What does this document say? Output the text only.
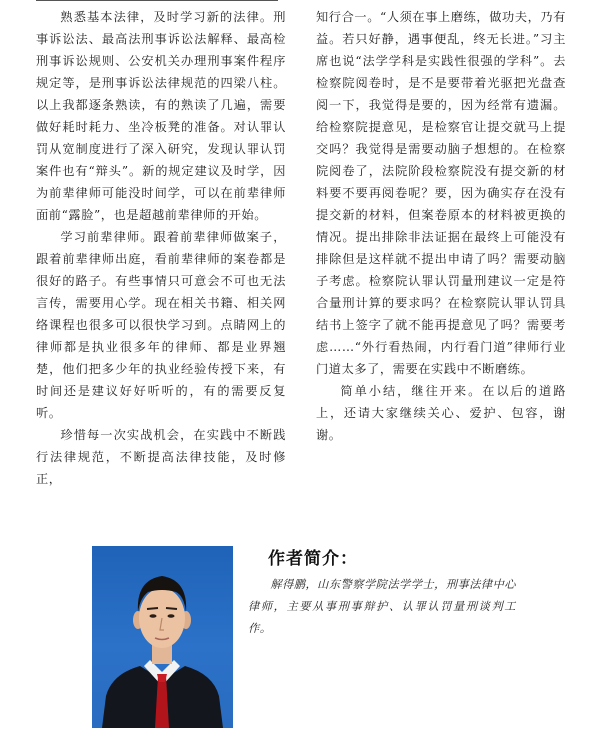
熟悉基本法律，及时学习新的法律。刑事诉讼法、最高法刑事诉讼法解释、最高检刑事诉讼规则、公安机关办理刑事案件程序规定等，是刑事诉讼法律规范的四梁八柱。以上我都逐条熟读，有的熟读了几遍，需要做好耗时耗力、坐冷板凳的准备。对认罪认罚从宽制度进行了深入研究，发现认罪认罚案件也有“辩头”。新的规定建议及时学，因为前辈律师可能没时间学，可以在前辈律师面前“露脸”，也是超越前辈律师的开始。

学习前辈律师。跟着前辈律师做案子，跟着前辈律师出庭，看前辈律师的案卷都是很好的路子。有些事情只可意会不可也无法言传，需要用心学。现在相关书籍、相关网络课程也很多可以很快学习到。点睛网上的律师都是执业很多年的律师、都是业界翘楚，他们把多少年的执业经验传授下来，有时间还是建议好好听听的，有的需要反复听。

珍惜每一次实战机会，在实践中不断践行法律规范，不断提高法律技能，及时修正，

知行合一。“人须在事上磨练，做功夫，乃有益。若只好静，遇事便乱，终无长进。”习主席也说“法学学科是实践性很强的学科”。去检察院阅卷时，是不是要带着光驱把光盘查阅一下，我觉得是要的，因为经常有遗漏。给检察院提意见，是检察官让提交就马上提交吗？我觉得是需要动脑子想想的。在检察院阅卷了，法院阶段检察院没有提交新的材料要不要再阅卷呢？要，因为确实存在没有提交新的材料，但案卷原本的材料被更换的情况。提出排除非法证据在最终上可能没有排除但是这样就不提出申请了吗？需要动脑子考虑。检察院认罪认罚量刑建议一定是符合量刑计算的要求吗？在检察院认罪认罚具结书上签字了就不能再提意见了吗？需要考虑……“外行看热闹，内行看门道”律师行业门道太多了，需要在实践中不断磨练。

简单小结，继往开来。在以后的道路上，还请大家继续关心、爱护、包容，谢谢。

作者简介：

解得鹏，山东警察学院法学学士，刑事法律中心律师，主要从事刑事辩护、认罪认罚量刑谈判工作。
